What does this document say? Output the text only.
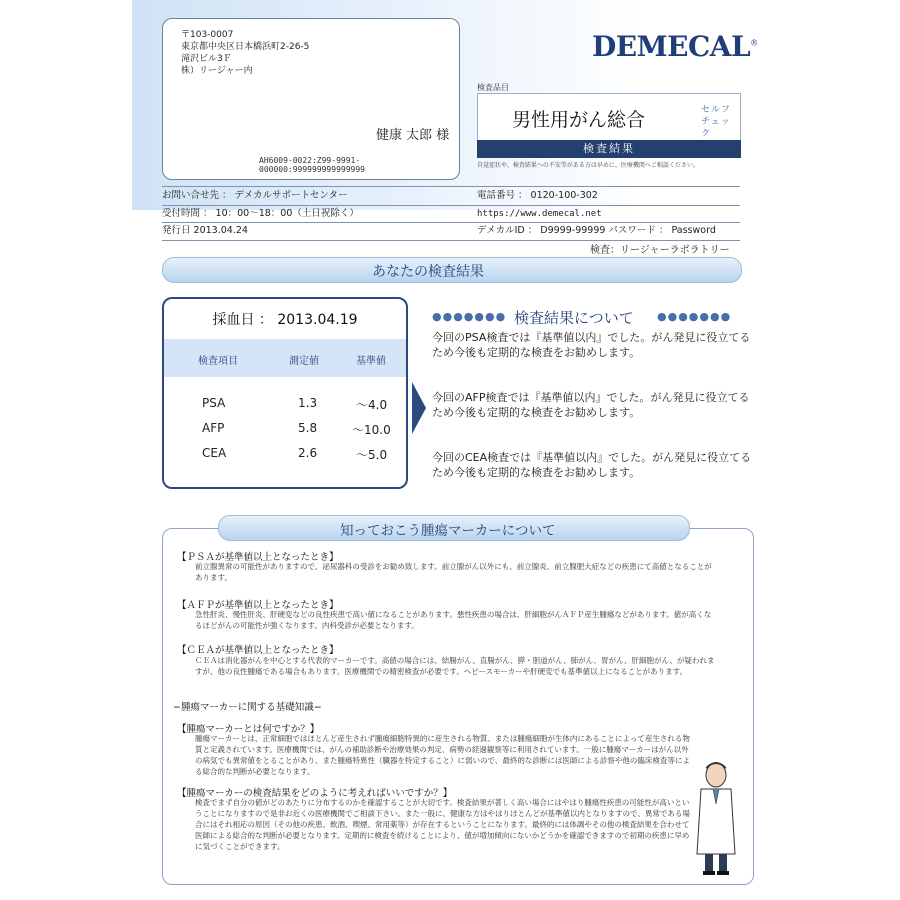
〒103-0007
東京都中央区日本橋浜町2-26-5
滝沢ビル3Ｆ
株）リージャー内
健康 太郎 様
AH6009-0022:Z99-9991-000000:999999999999999
DEMECAL®
検査品目
男性用がん総合	セルフ
チェック
検査結果
自覚症状や、検査結果への不安等がある方は早めに、医療機関へご相談ください。
お問い合せ先 ： デメカルサポートセンター	電話番号 ： 0120-100-302
受付時間 ： 10：00〜18：00（土日祝除く）	https://www.demecal.net
発行日 2013.04.24	デメカルID ： D9999-99999 パスワード ： Password
検査：リージャーラボラトリー
あなたの検査結果
採血日 ： 2013.04.19
検査項目	測定値	基準値
PSA	1.3	〜4.0
AFP	5.8	〜10.0
CEA	2.6	〜5.0
●●●●●●● 検査結果について ●●●●●●●
今回のPSA検査では『基準値以内』でした。がん発見に役立てるため今後も定期的な検査をお勧めします。
今回のAFP検査では『基準値以内』でした。がん発見に役立てるため今後も定期的な検査をお勧めします。
今回のCEA検査では『基準値以内』でした。がん発見に役立てるため今後も定期的な検査をお勧めします。
【ＰＳＡが基準値以上となったとき】
前立腺異常の可能性がありますので、泌尿器科の受診をお勧め致します。前立腺がん以外にも、前立腺炎、前立腺肥大症などの疾患にて高値となることがあります。
【ＡＦＰが基準値以上となったとき】
急性肝炎、慢性肝炎、肝硬変などの良性疾患で高い値になることがあります。悪性疾患の場合は、肝細胞がんＡＦＰ産生腫瘍などがあります。値が高くなるほどがんの可能性が強くなります。内科受診が必要となります。
【ＣＥＡが基準値以上となったとき】
ＣＥＡは消化器がんを中心とする代表的マーカーです。高値の場合には、結腸がん、直腸がん、膵・胆道がん、肺がん、胃がん、肝細胞がん、が疑われますが、他の良性腫瘍である場合もあります。医療機関での精密検査が必要です。ヘビースモーカーや肝硬変でも基準値以上になることがあります。
−腫瘍マーカーに関する基礎知識−
【腫瘍マーカーとは何ですか？】
腫瘍マーカーとは、正常細胞ではほとんど産生されず腫瘍細胞特異的に産生される物質、または腫瘍細胞が生体内にあることによって産生される物質と定義されています。医療機関では、がんの補助診断や治療効果の判定、病勢の経過観察等に利用されています。一般に腫瘍マーカーはがん以外の病気でも異常値をとることがあり、また腫瘍特異性（臓器を特定すること）に弱いので、最終的な診断には医師による診察や他の臨床検査等による総合的な判断が必要となります。
【腫瘍マーカーの検査結果をどのように考えればいいですか？】
検査でまず自分の値がどのあたりに分布するのかを確認することが大切です。検査結果が著しく高い場合にはやはり腫瘍性疾患の可能性が高いということになりますので是非お近くの医療機関でご相談下さい。また一般に、健康な方はやはりほとんどが基準値以内となりますので、異常である場合にはそれ相応の原因（その他の疾患、飲酒、喫煙、常用薬等）が存在するということになります。最終的には体調やその他の検査結果を合わせて医師による総合的な判断が必要となります。定期的に検査を続けることにより、値が増加傾向にないかどうかを確認できますので初期の疾患に早めに気づくことができます。
知っておこう腫瘍マーカーについて
